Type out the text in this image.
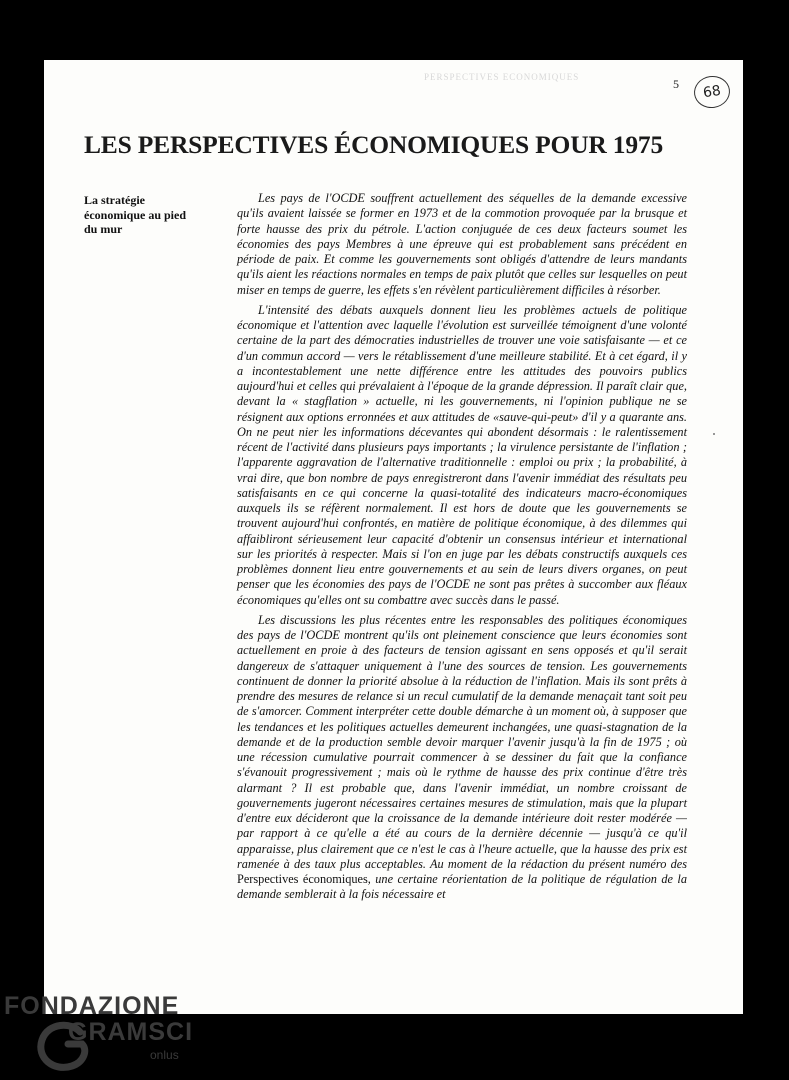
PERSPECTIVES ECONOMIQUES	5	68
LES PERSPECTIVES ÉCONOMIQUES POUR 1975
La stratégie économique au pied du mur

Les pays de l'OCDE souffrent actuellement des séquelles de la demande excessive qu'ils avaient laissée se former en 1973 et de la commotion provoquée par la brusque et forte hausse des prix du pétrole. L'action conjuguée de ces deux facteurs soumet les économies des pays Membres à une épreuve qui est probablement sans précédent en période de paix. Et comme les gouvernements sont obligés d'attendre de leurs mandants qu'ils aient les réactions normales en temps de paix plutôt que celles sur lesquelles on peut miser en temps de guerre, les effets s'en révèlent particulièrement difficiles à résorber.

L'intensité des débats auxquels donnent lieu les problèmes actuels de politique économique et l'attention avec laquelle l'évolution est surveillée témoignent d'une volonté certaine de la part des démocraties industrielles de trouver une voie satisfaisante — et ce d'un commun accord — vers le rétablissement d'une meilleure stabilité. Et à cet égard, il y a incontestablement une nette différence entre les attitudes des pouvoirs publics aujourd'hui et celles qui prévalaient à l'époque de la grande dépression. Il paraît clair que, devant la « stagflation » actuelle, ni les gouvernements, ni l'opinion publique ne se résignent aux options erronnées et aux attitudes de «sauve-qui-peut» d'il y a quarante ans. On ne peut nier les informations décevantes qui abondent désormais : le ralentissement récent de l'activité dans plusieurs pays importants ; la virulence persistante de l'inflation ; l'apparente aggravation de l'alternative traditionnelle : emploi ou prix ; la probabilité, à vrai dire, que bon nombre de pays enregistreront dans l'avenir immédiat des résultats peu satisfaisants en ce qui concerne la quasi-totalité des indicateurs macro-économiques auxquels ils se réfèrent normalement. Il est hors de doute que les gouvernements se trouvent aujourd'hui confrontés, en matière de politique économique, à des dilemmes qui affaibliront sérieusement leur capacité d'obtenir un consensus intérieur et international sur les priorités à respecter. Mais si l'on en juge par les débats constructifs auxquels ces problèmes donnent lieu entre gouvernements et au sein de leurs divers organes, on peut penser que les économies des pays de l'OCDE ne sont pas prêtes à succomber aux fléaux économiques qu'elles ont su combattre avec succès dans le passé.

Les discussions les plus récentes entre les responsables des politiques économiques des pays de l'OCDE montrent qu'ils ont pleinement conscience que leurs économies sont actuellement en proie à des facteurs de tension agissant en sens opposés et qu'il serait dangereux de s'attaquer uniquement à l'une des sources de tension. Les gouvernements continuent de donner la priorité absolue à la réduction de l'inflation. Mais ils sont prêts à prendre des mesures de relance si un recul cumulatif de la demande menaçait tant soit peu de s'amorcer. Comment interpréter cette double démarche à un moment où, à supposer que les tendances et les politiques actuelles demeurent inchangées, une quasi-stagnation de la demande et de la production semble devoir marquer l'avenir jusqu'à la fin de 1975 ; où une récession cumulative pourrait commencer à se dessiner du fait que la confiance s'évanouit progressivement ; mais où le rythme de hausse des prix continue d'être très alarmant ? Il est probable que, dans l'avenir immédiat, un nombre croissant de gouvernements jugeront nécessaires certaines mesures de stimulation, mais que la plupart d'entre eux décideront que la croissance de la demande intérieure doit rester modérée — par rapport à ce qu'elle a été au cours de la dernière décennie — jusqu'à ce qu'il apparaisse, plus clairement que ce n'est le cas à l'heure actuelle, que la hausse des prix est ramenée à des taux plus acceptables. Au moment de la rédaction du présent numéro des Perspectives économiques, une certaine réorientation de la politique de régulation de la demande semblerait à la fois nécessaire et

FONDAZIONE
GRAMSCI
onlus
